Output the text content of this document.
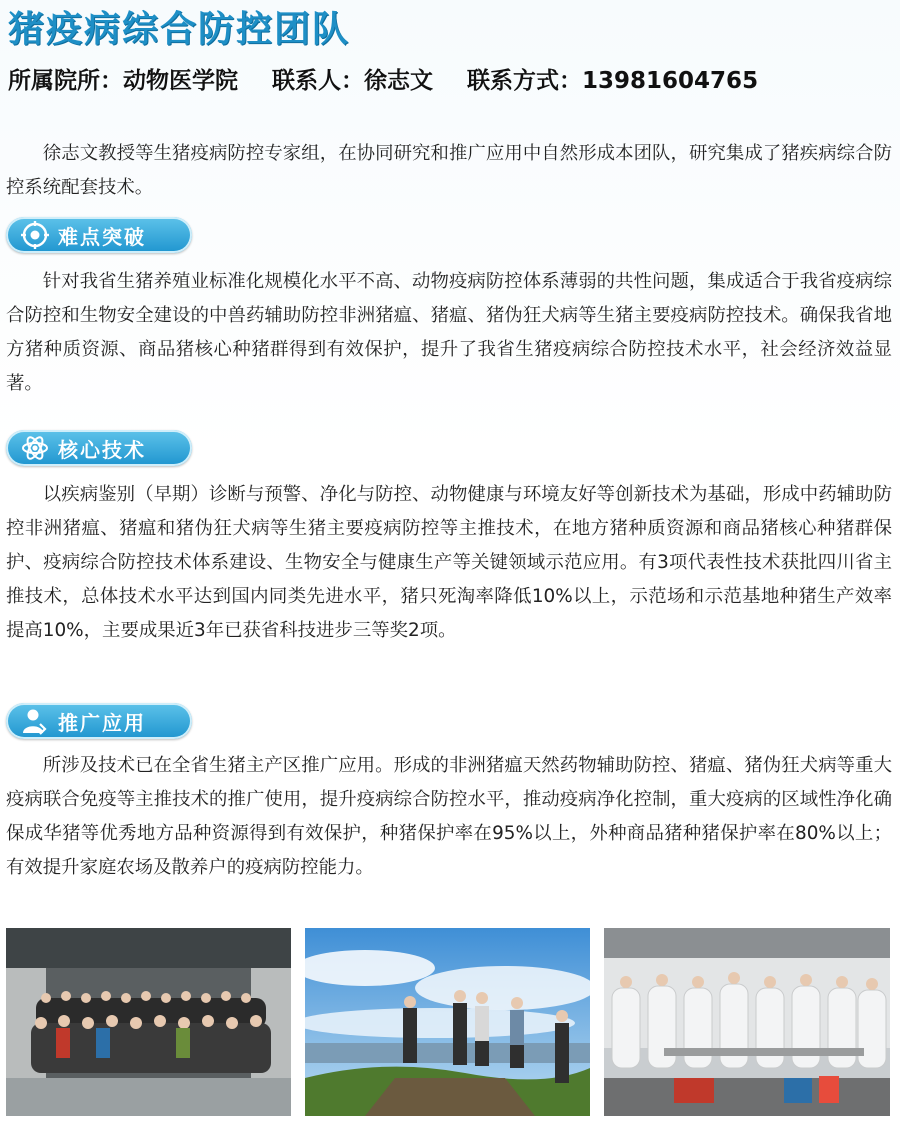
猪疫病综合防控团队
所属院所：动物医学院 联系人：徐志文 联系方式：13981604765

徐志文教授等生猪疫病防控专家组，在协同研究和推广应用中自然形成本团队，研究集成了猪疾病综合防控系统配套技术。

难点突破

针对我省生猪养殖业标准化规模化水平不高、动物疫病防控体系薄弱的共性问题，集成适合于我省疫病综合防控和生物安全建设的中兽药辅助防控非洲猪瘟、猪瘟、猪伪狂犬病等生猪主要疫病防控技术。确保我省地方猪种质资源、商品猪核心种猪群得到有效保护，提升了我省生猪疫病综合防控技术水平，社会经济效益显著。

核心技术

以疾病鉴别（早期）诊断与预警、净化与防控、动物健康与环境友好等创新技术为基础，形成中药辅助防控非洲猪瘟、猪瘟和猪伪狂犬病等生猪主要疫病防控等主推技术，在地方猪种质资源和商品猪核心种猪群保护、疫病综合防控技术体系建设、生物安全与健康生产等关键领域示范应用。有3项代表性技术获批四川省主推技术，总体技术水平达到国内同类先进水平，猪只死淘率降低10%以上，示范场和示范基地种猪生产效率提高10%，主要成果近3年已获省科技进步三等奖2项。

推广应用

所涉及技术已在全省生猪主产区推广应用。形成的非洲猪瘟天然药物辅助防控、猪瘟、猪伪狂犬病等重大疫病联合免疫等主推技术的推广使用，提升疫病综合防控水平，推动疫病净化控制，重大疫病的区域性净化确保成华猪等优秀地方品种资源得到有效保护，种猪保护率在95%以上，外种商品猪种猪保护率在80%以上；有效提升家庭农场及散养户的疫病防控能力。
